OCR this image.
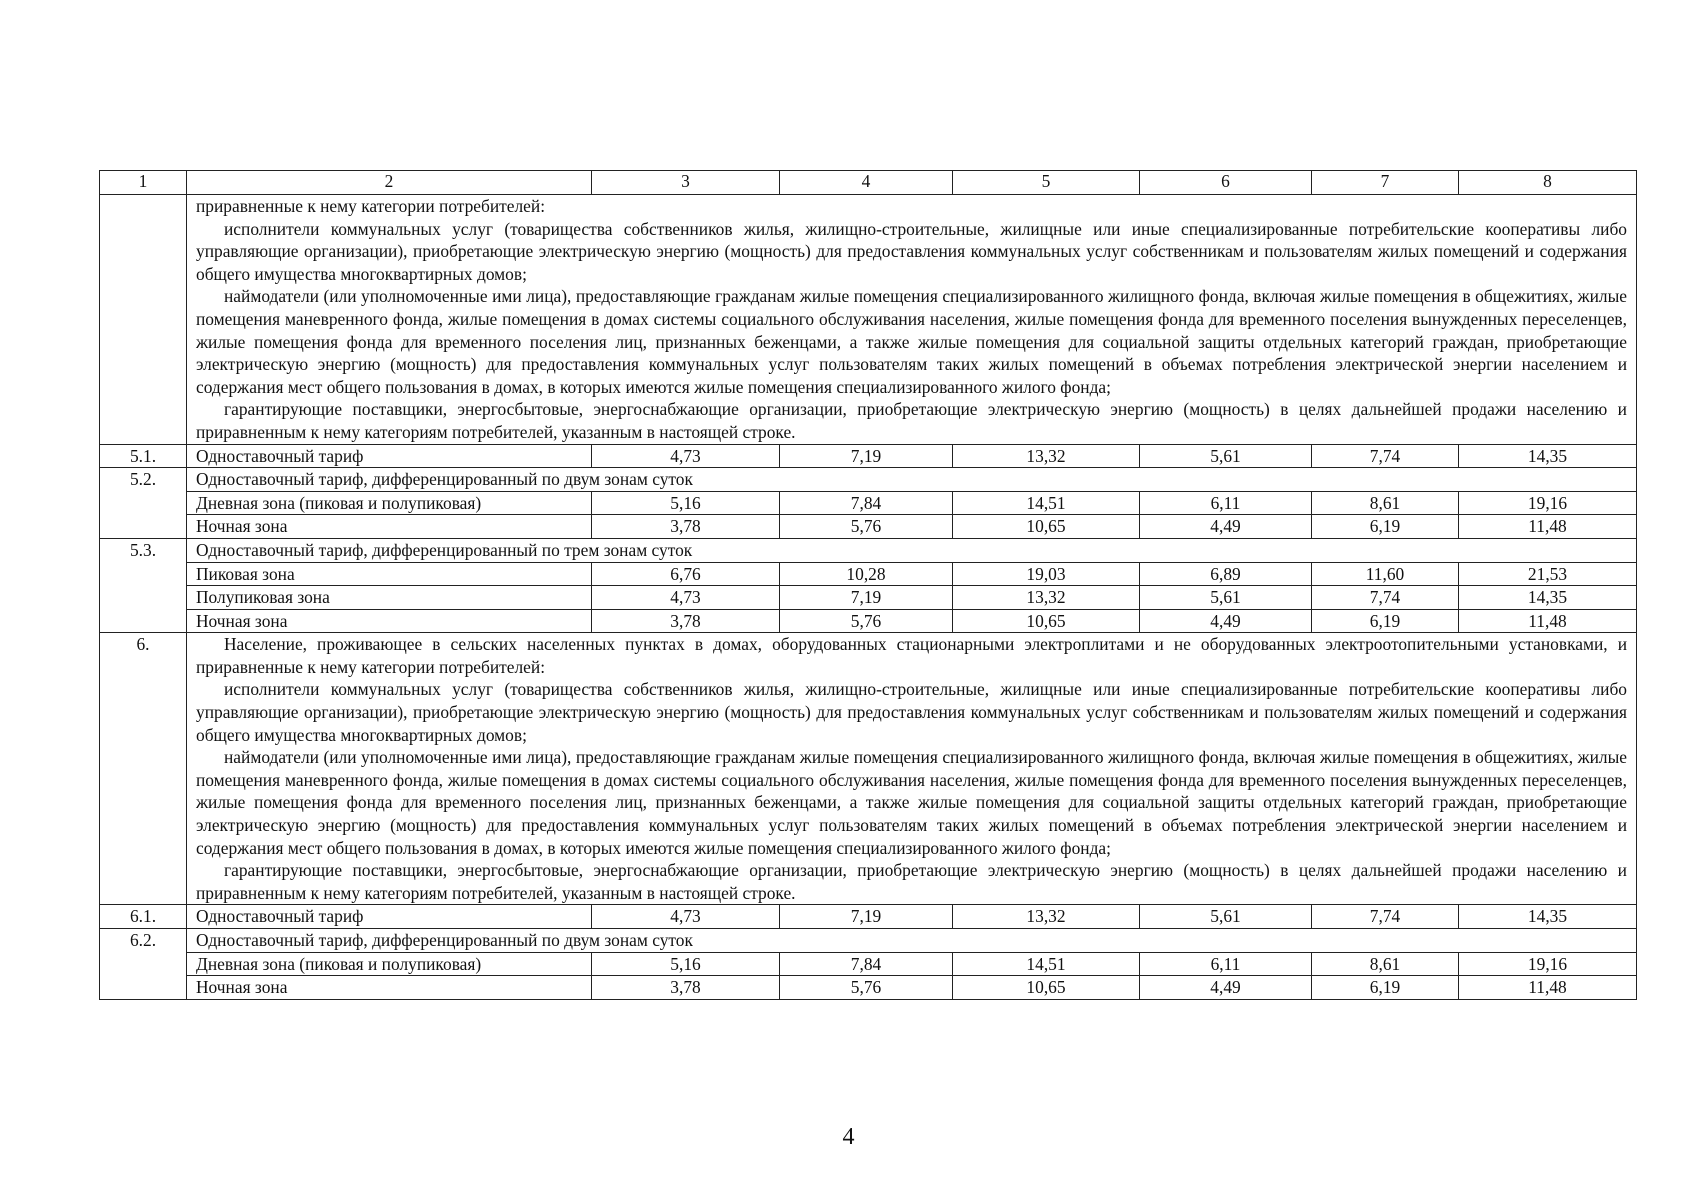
1	2	3	4	5	6	7	8

	приравненные к нему категории потребителей:

исполнители коммунальных услуг (товарищества собственников жилья, жилищно-строительные, жилищные или иные специализированные потребительские кооперативы либо управляющие организации), приобретающие электрическую энергию (мощность) для предоставления коммунальных услуг собственникам и пользователям жилых помещений и содержания общего имущества многоквартирных домов;

наймодатели (или уполномоченные ими лица), предоставляющие гражданам жилые помещения специализированного жилищного фонда, включая жилые помещения в общежитиях, жилые помещения маневренного фонда, жилые помещения в домах системы социального обслуживания населения, жилые помещения фонда для временного поселения вынужденных переселенцев, жилые помещения фонда для временного поселения лиц, признанных беженцами, а также жилые помещения для социальной защиты отдельных категорий граждан, приобретающие электрическую энергию (мощность) для предоставления коммунальных услуг пользователям таких жилых помещений в объемах потребления электрической энергии населением и содержания мест общего пользования в домах, в которых имеются жилые помещения специализированного жилого фонда;

гарантирующие поставщики, энергосбытовые, энергоснабжающие организации, приобретающие электрическую энергию (мощность) в целях дальнейшей продажи населению и приравненным к нему категориям потребителей, указанным в настоящей строке.						

5.1.	Одноставочный тариф	4,73	7,19	13,32	5,61	7,74	14,35
5.2.	Одноставочный тариф, дифференцированный по двум зонам суток						
	Дневная зона (пиковая и полупиковая)	5,16	7,84	14,51	6,11	8,61	19,16
	Ночная зона	3,78	5,76	10,65	4,49	6,19	11,48
5.3.	Одноставочный тариф, дифференцированный по трем зонам суток						
	Пиковая зона	6,76	10,28	19,03	6,89	11,60	21,53
	Полупиковая зона	4,73	7,19	13,32	5,61	7,74	14,35
	Ночная зона	3,78	5,76	10,65	4,49	6,19	11,48
6.	Население, проживающее в сельских населенных пунктах в домах, оборудованных стационарными электроплитами и не оборудованных электроотопительными установками, и приравненные к нему категории потребителей:

исполнители коммунальных услуг (товарищества собственников жилья, жилищно-строительные, жилищные или иные специализированные потребительские кооперативы либо управляющие организации), приобретающие электрическую энергию (мощность) для предоставления коммунальных услуг собственникам и пользователям жилых помещений и содержания общего имущества многоквартирных домов;

наймодатели (или уполномоченные ими лица), предоставляющие гражданам жилые помещения специализированного жилищного фонда, включая жилые помещения в общежитиях, жилые помещения маневренного фонда, жилые помещения в домах системы социального обслуживания населения, жилые помещения фонда для временного поселения вынужденных переселенцев, жилые помещения фонда для временного поселения лиц, признанных беженцами, а также жилые помещения для социальной защиты отдельных категорий граждан, приобретающие электрическую энергию (мощность) для предоставления коммунальных услуг пользователям таких жилых помещений в объемах потребления электрической энергии населением и содержания мест общего пользования в домах, в которых имеются жилые помещения специализированного жилого фонда;

гарантирующие поставщики, энергосбытовые, энергоснабжающие организации, приобретающие электрическую энергию (мощность) в целях дальнейшей продажи населению и приравненным к нему категориям потребителей, указанным в настоящей строке.						

6.1.	Одноставочный тариф	4,73	7,19	13,32	5,61	7,74	14,35
6.2.	Одноставочный тариф, дифференцированный по двум зонам суток						
	Дневная зона (пиковая и полупиковая)	5,16	7,84	14,51	6,11	8,61	19,16
	Ночная зона	3,78	5,76	10,65	4,49	6,19	11,48
4
